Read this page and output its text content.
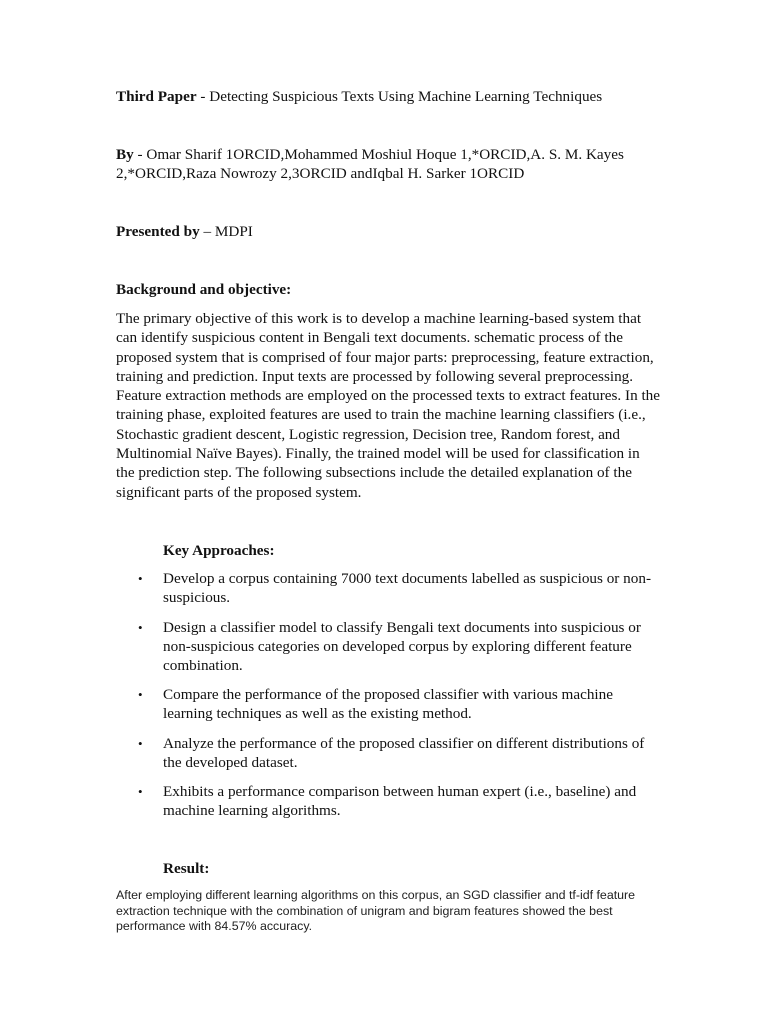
Third Paper - Detecting Suspicious Texts Using Machine Learning Techniques

By - Omar Sharif 1ORCID,Mohammed Moshiul Hoque 1,*ORCID,A. S. M. Kayes 2,*ORCID,Raza Nowrozy 2,3ORCID andIqbal H. Sarker 1ORCID

Presented by – MDPI

Background and objective:

The primary objective of this work is to develop a machine learning-based system that can identify suspicious content in Bengali text documents. schematic process of the proposed system that is comprised of four major parts: preprocessing, feature extraction, training and prediction. Input texts are processed by following several preprocessing. Feature extraction methods are employed on the processed texts to extract features. In the training phase, exploited features are used to train the machine learning classifiers (i.e., Stochastic gradient descent, Logistic regression, Decision tree, Random forest, and Multinomial Naïve Bayes). Finally, the trained model will be used for classification in the prediction step. The following subsections include the detailed explanation of the significant parts of the proposed system.

Key Approaches:

• Develop a corpus containing 7000 text documents labelled as suspicious or non-suspicious.
• Design a classifier model to classify Bengali text documents into suspicious or non-suspicious categories on developed corpus by exploring different feature combination.
• Compare the performance of the proposed classifier with various machine learning techniques as well as the existing method.
• Analyze the performance of the proposed classifier on different distributions of the developed dataset.
• Exhibits a performance comparison between human expert (i.e., baseline) and machine learning algorithms.

Result:

After employing different learning algorithms on this corpus, an SGD classifier and tf-idf feature extraction technique with the combination of unigram and bigram features showed the best performance with 84.57% accuracy.
